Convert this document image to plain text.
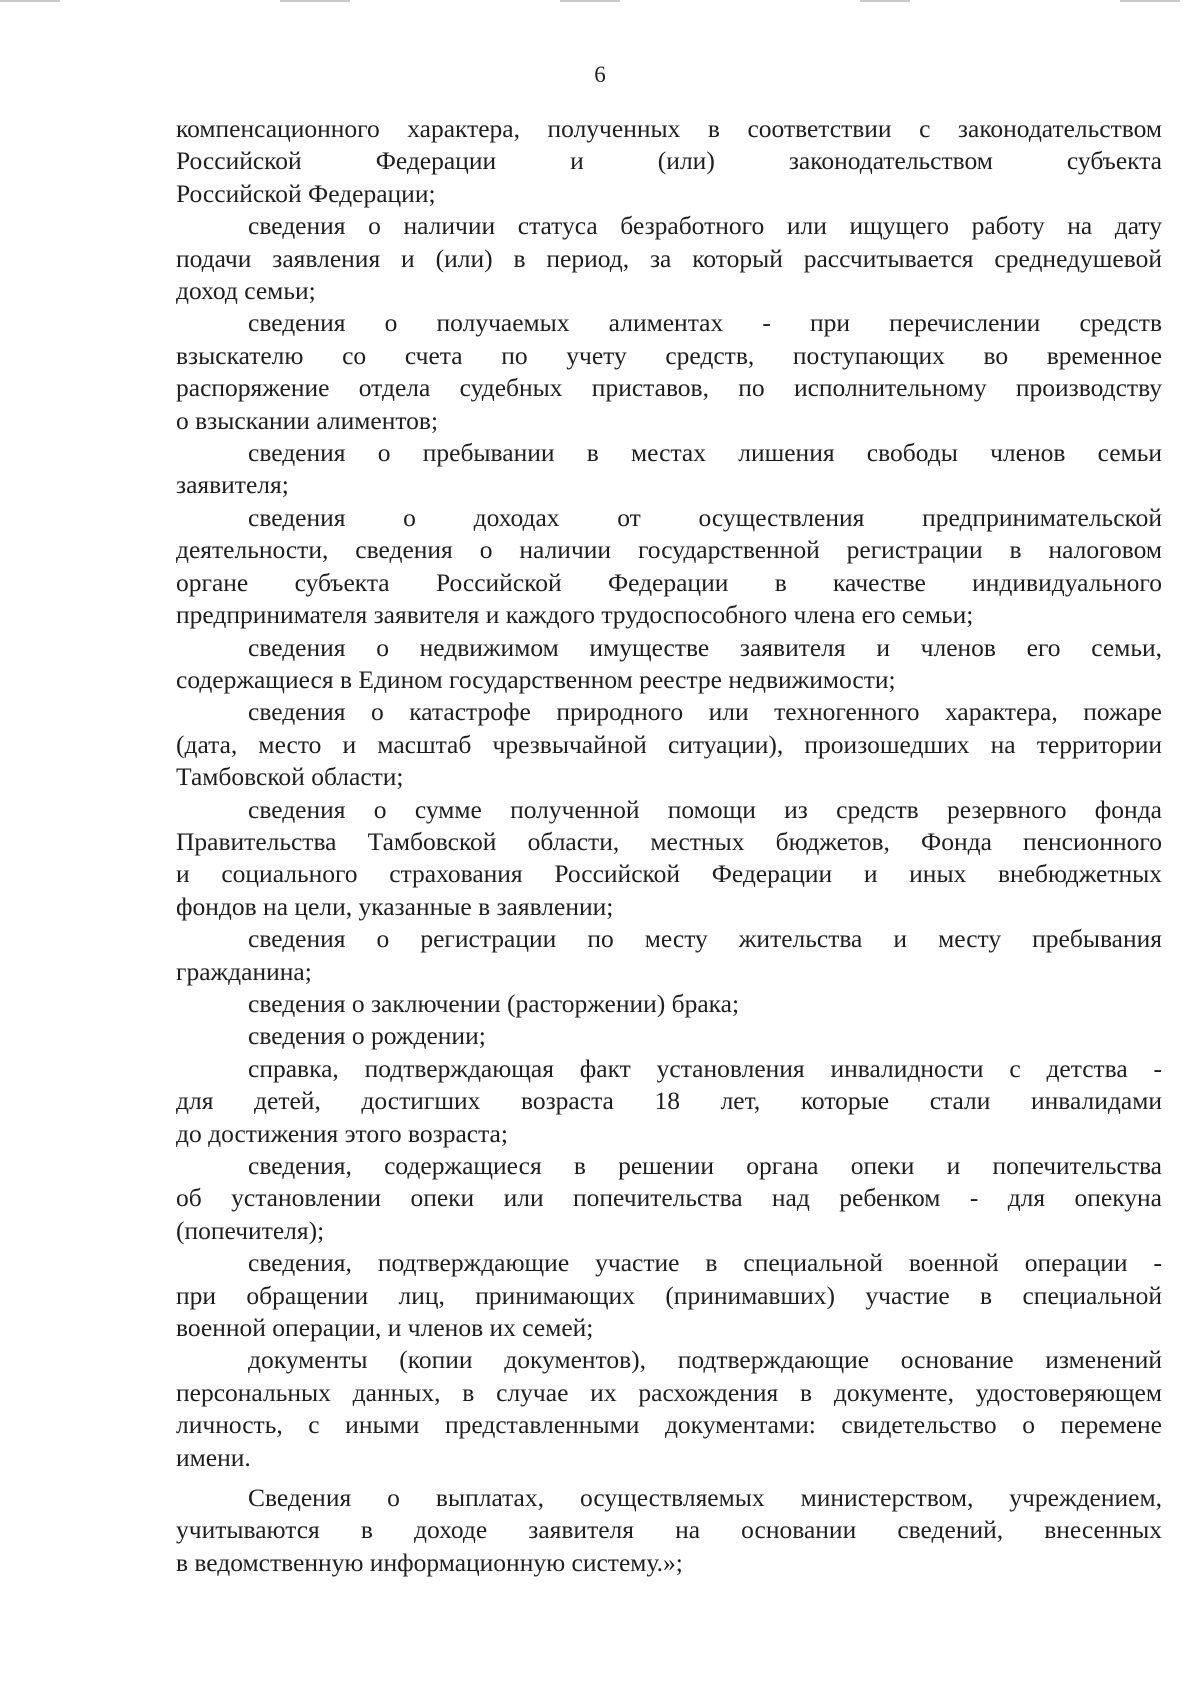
6
компенсационного характера, полученных в соответствии с законодательством
Российской Федерации и (или) законодательством субъекта
Российской Федерации;
сведения о наличии статуса безработного или ищущего работу на дату
подачи заявления и (или) в период, за который рассчитывается среднедушевой
доход семьи;
сведения о получаемых алиментах - при перечислении средств
взыскателю со счета по учету средств, поступающих во временное
распоряжение отдела судебных приставов, по исполнительному производству
о взыскании алиментов;
сведения о пребывании в местах лишения свободы членов семьи
заявителя;
сведения о доходах от осуществления предпринимательской
деятельности, сведения о наличии государственной регистрации в налоговом
органе субъекта Российской Федерации в качестве индивидуального
предпринимателя заявителя и каждого трудоспособного члена его семьи;
сведения о недвижимом имуществе заявителя и членов его семьи,
содержащиеся в Едином государственном реестре недвижимости;
сведения о катастрофе природного или техногенного характера, пожаре
(дата, место и масштаб чрезвычайной ситуации), произошедших на территории
Тамбовской области;
сведения о сумме полученной помощи из средств резервного фонда
Правительства Тамбовской области, местных бюджетов, Фонда пенсионного
и социального страхования Российской Федерации и иных внебюджетных
фондов на цели, указанные в заявлении;
сведения о регистрации по месту жительства и месту пребывания
гражданина;
сведения о заключении (расторжении) брака;
сведения о рождении;
справка, подтверждающая факт установления инвалидности с детства -
для детей, достигших возраста 18 лет, которые стали инвалидами
до достижения этого возраста;
сведения, содержащиеся в решении органа опеки и попечительства
об установлении опеки или попечительства над ребенком - для опекуна
(попечителя);
сведения, подтверждающие участие в специальной военной операции -
при обращении лиц, принимающих (принимавших) участие в специальной
военной операции, и членов их семей;
документы (копии документов), подтверждающие основание изменений
персональных данных, в случае их расхождения в документе, удостоверяющем
личность, с иными представленными документами: свидетельство о перемене
имени.
Сведения о выплатах, осуществляемых министерством, учреждением,
учитываются в доходе заявителя на основании сведений, внесенных
в ведомственную информационную систему.»;
